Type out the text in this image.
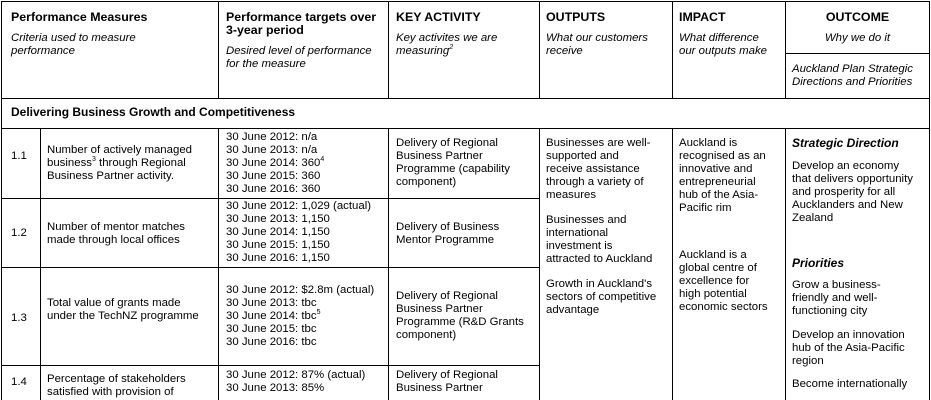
Performance Measures
Criteria used to measure
performance
Performance targets over
3-year period
Desired level of performance
for the measure
KEY ACTIVITY
Key activites we are
measuring$^2$
OUTPUTS
What our customers
receive
IMPACT
What difference
our outputs make
OUTCOME
Why we do it
Auckland Plan Strategic
Directions and Priorities
Delivering Business Growth and Competitiveness
1.1 Number of actively managed
business$^3$ through Regional
Business Partner activity.
30 June 2012: n/a
30 June 2013: n/a
30 June 2014: $360^4$
30 June 2015: 360
30 June 2016: 360
Delivery of Regional
Business Partner
Programme (capability
component)
1.2 Number of mentor matches
made through local offices
30 June 2012: 1,029 (actual)
30 June 2013: 1,150
30 June 2014: 1,150
30 June 2015: 1,150
30 June 2016: 1,150
Delivery of Business
Mentor Programme
1.3
Total value of grants made
under the TechNZ programme
30 June 2012: $2.8m (actual)
30 June 2013: tbc
30 June 2014: tbc$^5$
30 June 2015: tbc
30 June 2016: tbc
Delivery of Regional
Business Partner
Programme (R&D Grants
component)
1.4 Percentage of stakeholders
satisfied with provision of
30 June 2012: 87% (actual)
30 June 2013: 85%
Delivery of Regional
Business Partner
Businesses are well-
supported and
receive assistance
through a variety of
measures
Businesses and
international
investment is
attracted to Auckland
Growth in Auckland's
sectors of competitive
advantage
Auckland is
recognised as an
innovative and
entrepreneurial
hub of the Asia-
Pacific rim
Auckland is a
global centre of
excellence for
high potential
economic sectors
Strategic Direction
Develop an economy
that delivers opportunity
and prosperity for all
Aucklanders and New
Zealand
Priorities
Grow a business-
friendly and well-
functioning city
Develop an innovation
hub of the Asia-Pacific
region
Become internationally
